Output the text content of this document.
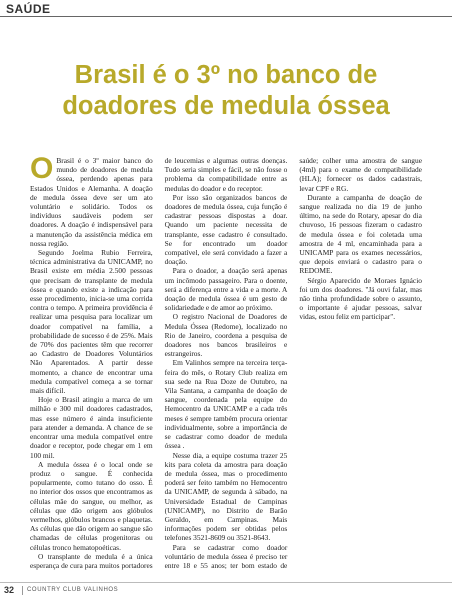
SAÚDE
Brasil é o 3º no banco de doadores de medula óssea

O Brasil é o 3º maior banco do mundo de doadores de medula óssea, perdendo apenas para Estados Unidos e Alemanha. A doação de medula óssea deve ser um ato voluntário e solidário. Todos os indivíduos saudáveis podem ser doadores. A doação é indispensável para a manutenção da assistência médica em nossa região.

Segundo Joelma Rubio Ferreira, técnica administrativa da UNICAMP, no Brasil existe em média 2.500 pessoas que precisam de transplante de medula óssea e quando existe a indicação para esse procedimento, inicia-se uma corrida contra o tempo. A primeira providência é realizar uma pesquisa para localizar um doador compatível na família, a probabilidade de sucesso é de 25%. Mais de 70% dos pacientes têm que recorrer ao Cadastro de Doadores Voluntários Não Aparentados. A partir desse momento, a chance de encontrar uma medula compatível começa a se tornar mais difícil.

Hoje o Brasil atingiu a marca de um milhão e 300 mil doadores cadastrados, mas esse número é ainda insuficiente para atender a demanda. A chance de se encontrar uma medula compatível entre doador e receptor, pode chegar em 1 em 100 mil.

A medula óssea é o local onde se produz o sangue. É conhecida popularmente, como tutano do osso. É no interior dos ossos que encontramos as células mãe do sangue, ou melhor, as células que dão origem aos glóbulos vermelhos, glóbulos brancos e plaquetas. As células que dão origem ao sangue são chamadas de células progenitoras ou células tronco hematopoéticas.

O transplante de medula é a única esperança de cura para muitos portadores de leucemias e algumas outras doenças. Tudo seria simples e fácil, se não fosse o problema da compatibilidade entre as medulas do doador e do receptor.

Por isso são organizados bancos de doadores de medula óssea, cuja função é cadastrar pessoas dispostas a doar. Quando um paciente necessita de transplante, esse cadastro é consultado. Se for encontrado um doador compatível, ele será convidado a fazer a doação.

Para o doador, a doação será apenas um incômodo passageiro. Para o doente, será a diferença entre a vida e a morte. A doação de medula óssea é um gesto de solidariedade e de amor ao próximo.

O registro Nacional de Doadores de Medula Óssea (Redome), localizado no Rio de Janeiro, coordena a pesquisa de doadores nos bancos brasileiros e estrangeiros.

Em Valinhos sempre na terceira terça-feira do mês, o Rotary Club realiza em sua sede na Rua Doze de Outubro, na Vila Santana, a campanha de doação de sangue, coordenada pela equipe do Hemocentro da UNICAMP e a cada três meses é sempre também procura orientar individualmente, sobre a importância de se cadastrar como doador de medula óssea .

Nesse dia, a equipe costuma trazer 25 kits para coleta da amostra para doação de medula óssea, mas o procedimento poderá ser feito também no Hemocentro da UNICAMP, de segunda à sábado, na Universidade Estadual de Campinas (UNICAMP), no Distrito de Barão Geraldo, em Campinas. Mais informações podem ser obtidas pelos telefones 3521-8609 ou 3521-8643.

Para se cadastrar como doador voluntário de medula óssea é preciso ter entre 18 e 55 anos; ter bom estado de saúde; colher uma amostra de sangue (4ml) para o exame de compatibilidade (HLA); fornecer os dados cadastrais, levar CPF e RG.

Durante a campanha de doação de sangue realizada no dia 19 de junho último, na sede do Rotary, apesar do dia chuvoso, 16 pessoas fizeram o cadastro de medula óssea e foi coletada uma amostra de 4 ml, encaminhada para a UNICAMP para os exames necessários, que depois enviará o cadastro para o REDOME.

Sérgio Aparecido de Moraes Ignácio foi um dos doadores. "Já ouvi falar, mas não tinha profundidade sobre o assunto, o importante é ajudar pessoas, salvar vidas, estou feliz em participar".

32 COUNTRY CLUB VALINHOS
